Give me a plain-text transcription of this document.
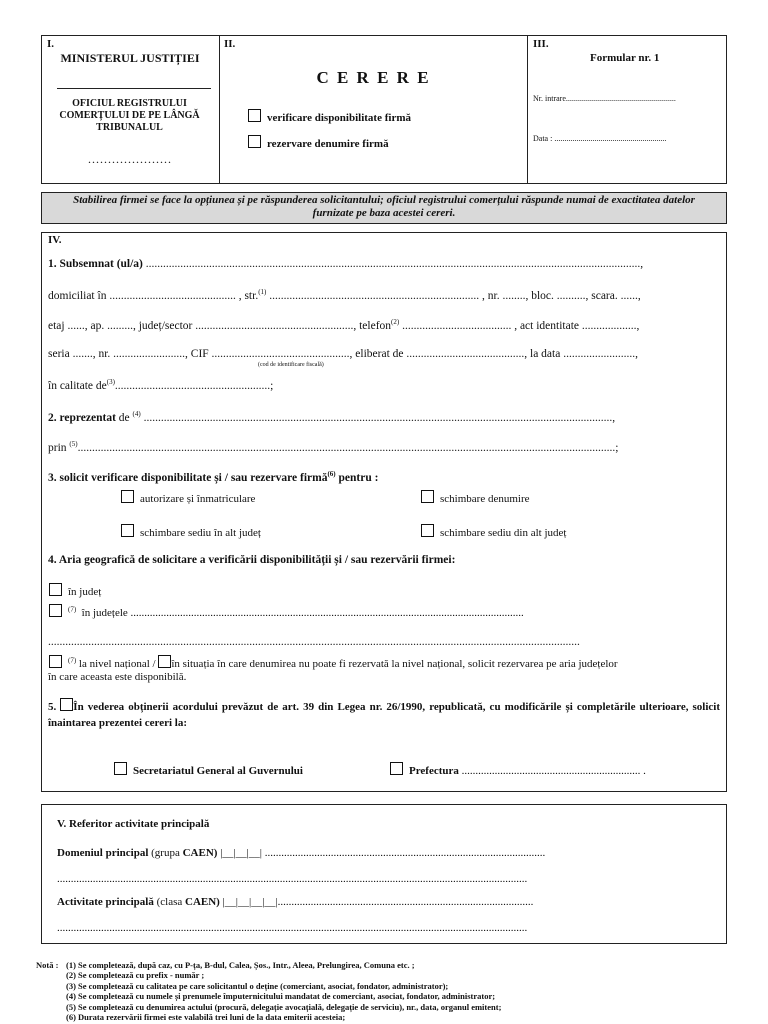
I.
MINISTERUL JUSTIȚIEI
OFICIUL REGISTRULUI COMERȚULUI DE PE LÂNGĂ TRIBUNALUL
.....................
II.
C E R E R E
verificare disponibilitate firmă
rezervare denumire firmă
III.
Formular nr. 1
Nr. intrare.......................................................
Data : ........................................................
Stabilirea firmei se face la opțiunea și pe răspunderea solicitantului; oficiul registrului comerțului răspunde numai de exactitatea datelor furnizate pe baza acestei cereri.
IV.
1. Subsemnat (ul/a) ............................................................................................................................................................................,
domiciliat în ............................................ , str.$^{(1)}$ ......................................................................... , nr. ........, bloc. .........., scara. ......,
etaj ......, ap. ........., județ/sector ......................................................., telefon$^{(2)}$ ...................................... , act identitate ...................,
seria ......., nr. ........................., CIF ................................................, eliberat de ........................................., la data .........................,
(cod de identificare fiscală)
în calitate $de^{(3)}$......................................................;
2. reprezentat de $^{(4)}$ ...................................................................................................................................................................,
prin $^{(5)}$...........................................................................................................................................................................................;
3. solicit verificare disponibilitate și / sau rezervare firmă$^{(6)}$ pentru :
autorizare și înmatriculare	schimbare denumire
schimbare sediu în alt județ	schimbare sediu din alt județ
4. Aria geografică de solicitare a verificării disponibilității și / sau rezervării firmei:
în județ
$^{(7)}$ în județele ...............................................................................................................................................
.........................................................................................................................................................................................
$^{(7)}$ la nivel național / în situația în care denumirea nu poate fi rezervată la nivel național, solicit rezervarea pe aria județelor
în care aceasta este disponibilă.
5. În vederea obținerii acordului prevăzut de art. 39 din Legea nr. 26/1990, republicată, cu modificările și completările ulterioare, solicit înaintarea prezentei cereri la:
Secretariatul General al Guvernului	Prefectura ................................................................. .
V. Referitor activitate principală
Domeniul principal (grupa CAEN) |__|__|__| ......................................................................................................
...........................................................................................................................................................................
Activitate principală (clasa CAEN) |__|__|__|__|.............................................................................................
...........................................................................................................................................................................
Notă : (1) Se completează, după caz, cu P-ța, B-dul, Calea, Șos., Intr., Aleea, Prelungirea, Comuna etc. ;
(2) Se completează cu prefix - număr ;
(3) Se completează cu calitatea pe care solicitantul o deține (comerciant, asociat, fondator, administrator);
(4) Se completează cu numele și prenumele împuternicitului mandatat de comerciant, asociat, fondator, administrator;
(5) Se completează cu denumirea actului (procură, delegație avocațială, delegație de serviciu), nr., data, organul emitent;
(6) Durata rezervării firmei este valabilă trei luni de la data emiterii acesteia;
